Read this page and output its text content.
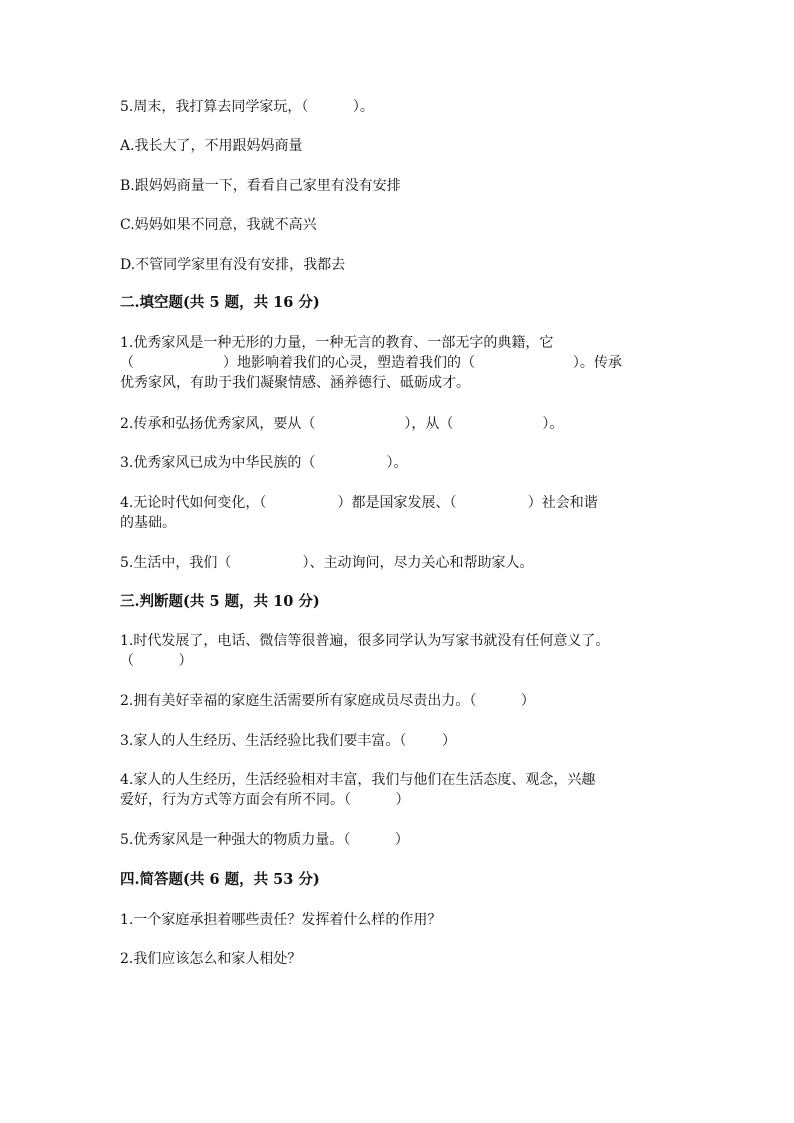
5.周末，我打算去同学家玩，（          ）。
A.我长大了，不用跟妈妈商量
B.跟妈妈商量一下，看看自己家里有没有安排
C.妈妈如果不同意，我就不高兴
D.不管同学家里有没有安排，我都去
二.填空题(共 5 题，共 16 分)
1.优秀家风是一种无形的力量，一种无言的教育、一部无字的典籍，它
（                    ）地影响着我们的心灵，塑造着我们的（                      ）。传承
优秀家风，有助于我们凝聚情感、涵养德行、砥砺成才。
2.传承和弘扬优秀家风，要从（                    ），从（                    ）。
3.优秀家风已成为中华民族的（                ）。
4.无论时代如何变化，（                ）都是国家发展、（                ）社会和谐
的基础。
5.生活中，我们（                ）、主动询问，尽力关心和帮助家人。
三.判断题(共 5 题，共 10 分)
1.时代发展了，电话、微信等很普遍，很多同学认为写家书就没有任何意义了。
（          ）
2.拥有美好幸福的家庭生活需要所有家庭成员尽责出力。（          ）
3.家人的人生经历、生活经验比我们要丰富。（        ）
4.家人的人生经历，生活经验相对丰富，我们与他们在生活态度、观念，兴趣
爱好，行为方式等方面会有所不同。（          ）
5.优秀家风是一种强大的物质力量。（          ）
四.简答题(共 6 题，共 53 分)
1.一个家庭承担着哪些责任？发挥着什么样的作用？
2.我们应该怎么和家人相处？
